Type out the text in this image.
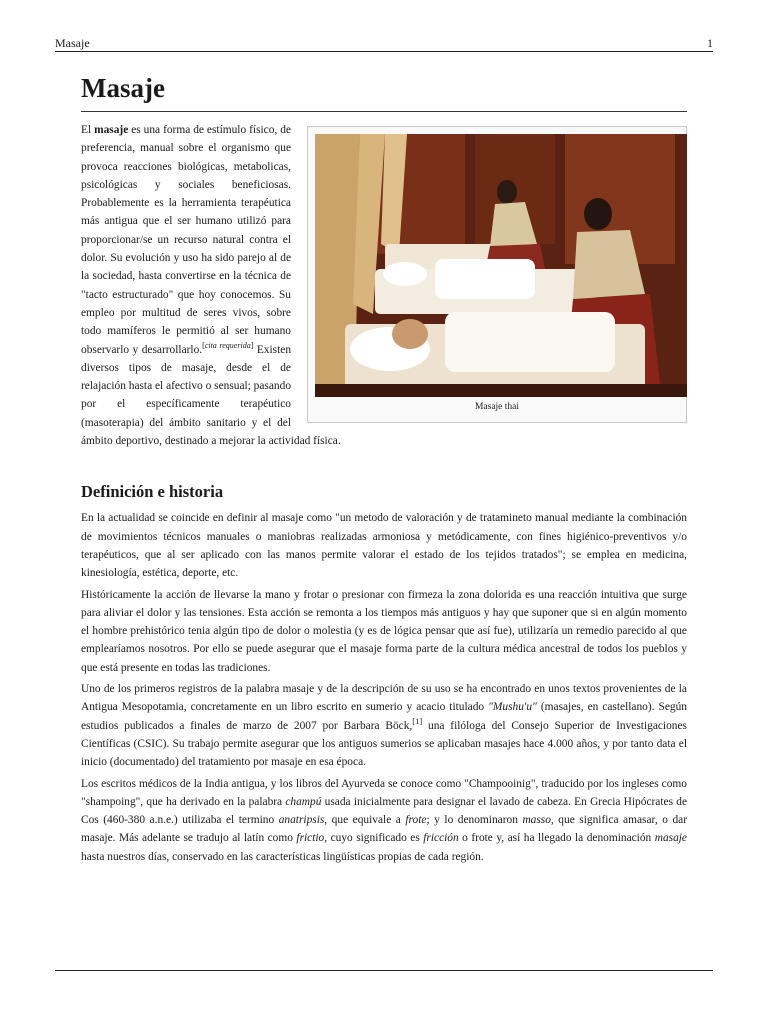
Masaje	1
Masaje
Masaje thai

El masaje es una forma de estímulo físico, de preferencia, manual sobre el organismo que provoca reacciones biológicas, metabolicas, psicológicas y sociales beneficiosas. Probablemente es la herramienta terapéutica más antigua que el ser humano utilizó para proporcionar/se un recurso natural contra el dolor. Su evolución y uso ha sido parejo al de la sociedad, hasta convertirse en la técnica de "tacto estructurado" que hoy conocemos. Su empleo por multitud de seres vivos, sobre todo mamíferos le permitió al ser humano observarlo y desarrollarlo.[cita requerida] Existen diversos tipos de masaje, desde el de relajación hasta el afectivo o sensual; pasando por el específicamente terapéutico (masoterapia) del ámbito sanitario y el del ámbito deportivo, destinado a mejorar la actividad física.

Definición e historia

En la actualidad se coincide en definir al masaje como "un metodo de valoración y de tratamineto manual mediante la combinación de movimientos técnicos manuales o maniobras realizadas armoniosa y metódicamente, con fines higiénico-preventivos y/o terapéuticos, que al ser aplicado con las manos permite valorar el estado de los tejidos tratados"; se emplea en medicina, kinesiología, estética, deporte, etc.

Históricamente la acción de llevarse la mano y frotar o presionar con firmeza la zona dolorida es una reacción intuitiva que surge para aliviar el dolor y las tensiones. Esta acción se remonta a los tiempos más antiguos y hay que suponer que si en algún momento el hombre prehistórico tenia algún tipo de dolor o molestia (y es de lógica pensar que así fue), utilizaría un remedio parecido al que emplearíamos nosotros. Por ello se puede asegurar que el masaje forma parte de la cultura médica ancestral de todos los pueblos y que está presente en todas las tradiciones.

Uno de los primeros registros de la palabra masaje y de la descripción de su uso se ha encontrado en unos textos provenientes de la Antigua Mesopotamia, concretamente en un libro escrito en sumerio y acacio titulado "Mushu'u" (masajes, en castellano). Según estudios publicados a finales de marzo de 2007 por Barbara Böck,[1] una filóloga del Consejo Superior de Investigaciones Científicas (CSIC). Su trabajo permite asegurar que los antiguos sumerios se aplicaban masajes hace 4.000 años, y por tanto data el inicio (documentado) del tratamiento por masaje en esa época.

Los escritos médicos de la India antigua, y los libros del Ayurveda se conoce como "Champooinig", traducido por los ingleses como "shampoing", que ha derivado en la palabra champú usada inicialmente para designar el lavado de cabeza. En Grecia Hipócrates de Cos (460-380 a.n.e.) utilizaba el termino anatripsis, que equivale a frote; y lo denominaron masso, que significa amasar, o dar masaje. Más adelante se tradujo al latín como frictio, cuyo significado es fricción o frote y, así ha llegado la denominación masaje hasta nuestros días, conservado en las características lingüísticas propias de cada región.
